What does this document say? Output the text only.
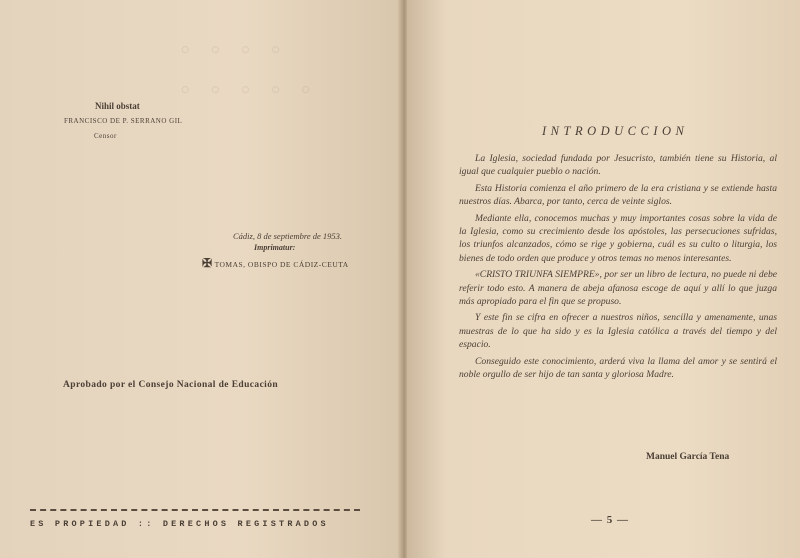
◦ ◦ ◦ ◦
◦ ◦ ◦ ◦ ◦
Nihil obstat
FRANCISCO DE P. SERRANO GIL
Censor
Cádiz, 8 de septiembre de 1953.
Imprimatur:
✠ TOMAS, OBISPO DE CÁDIZ-CEUTA
Aprobado por el Consejo Nacional de Educación
ES PROPIEDAD :: DERECHOS REGISTRADOS
INTRODUCCION

La Iglesia, sociedad fundada por Jesucristo, también tiene su Historia, al igual que cualquier pueblo o nación.

Esta Historia comienza el año primero de la era cristiana y se extiende hasta nuestros días. Abarca, por tanto, cerca de veinte siglos.

Mediante ella, conocemos muchas y muy importantes cosas sobre la vida de la Iglesia, como su crecimiento desde los apóstoles, las persecuciones sufridas, los triunfos alcanzados, cómo se rige y gobierna, cuál es su culto o liturgia, los bienes de todo orden que produce y otros temas no menos interesantes.

«CRISTO TRIUNFA SIEMPRE», por ser un libro de lectura, no puede ni debe referir todo esto. A manera de abeja afanosa escoge de aquí y allí lo que juzga más apropiado para el fin que se propuso.

Y este fin se cifra en ofrecer a nuestros niños, sencilla y amenamente, unas muestras de lo que ha sido y es la Iglesia católica a través del tiempo y del espacio.

Conseguido este conocimiento, arderá viva la llama del amor y se sentirá el noble orgullo de ser hijo de tan santa y gloriosa Madre.

Manuel García Tena
— 5 —
